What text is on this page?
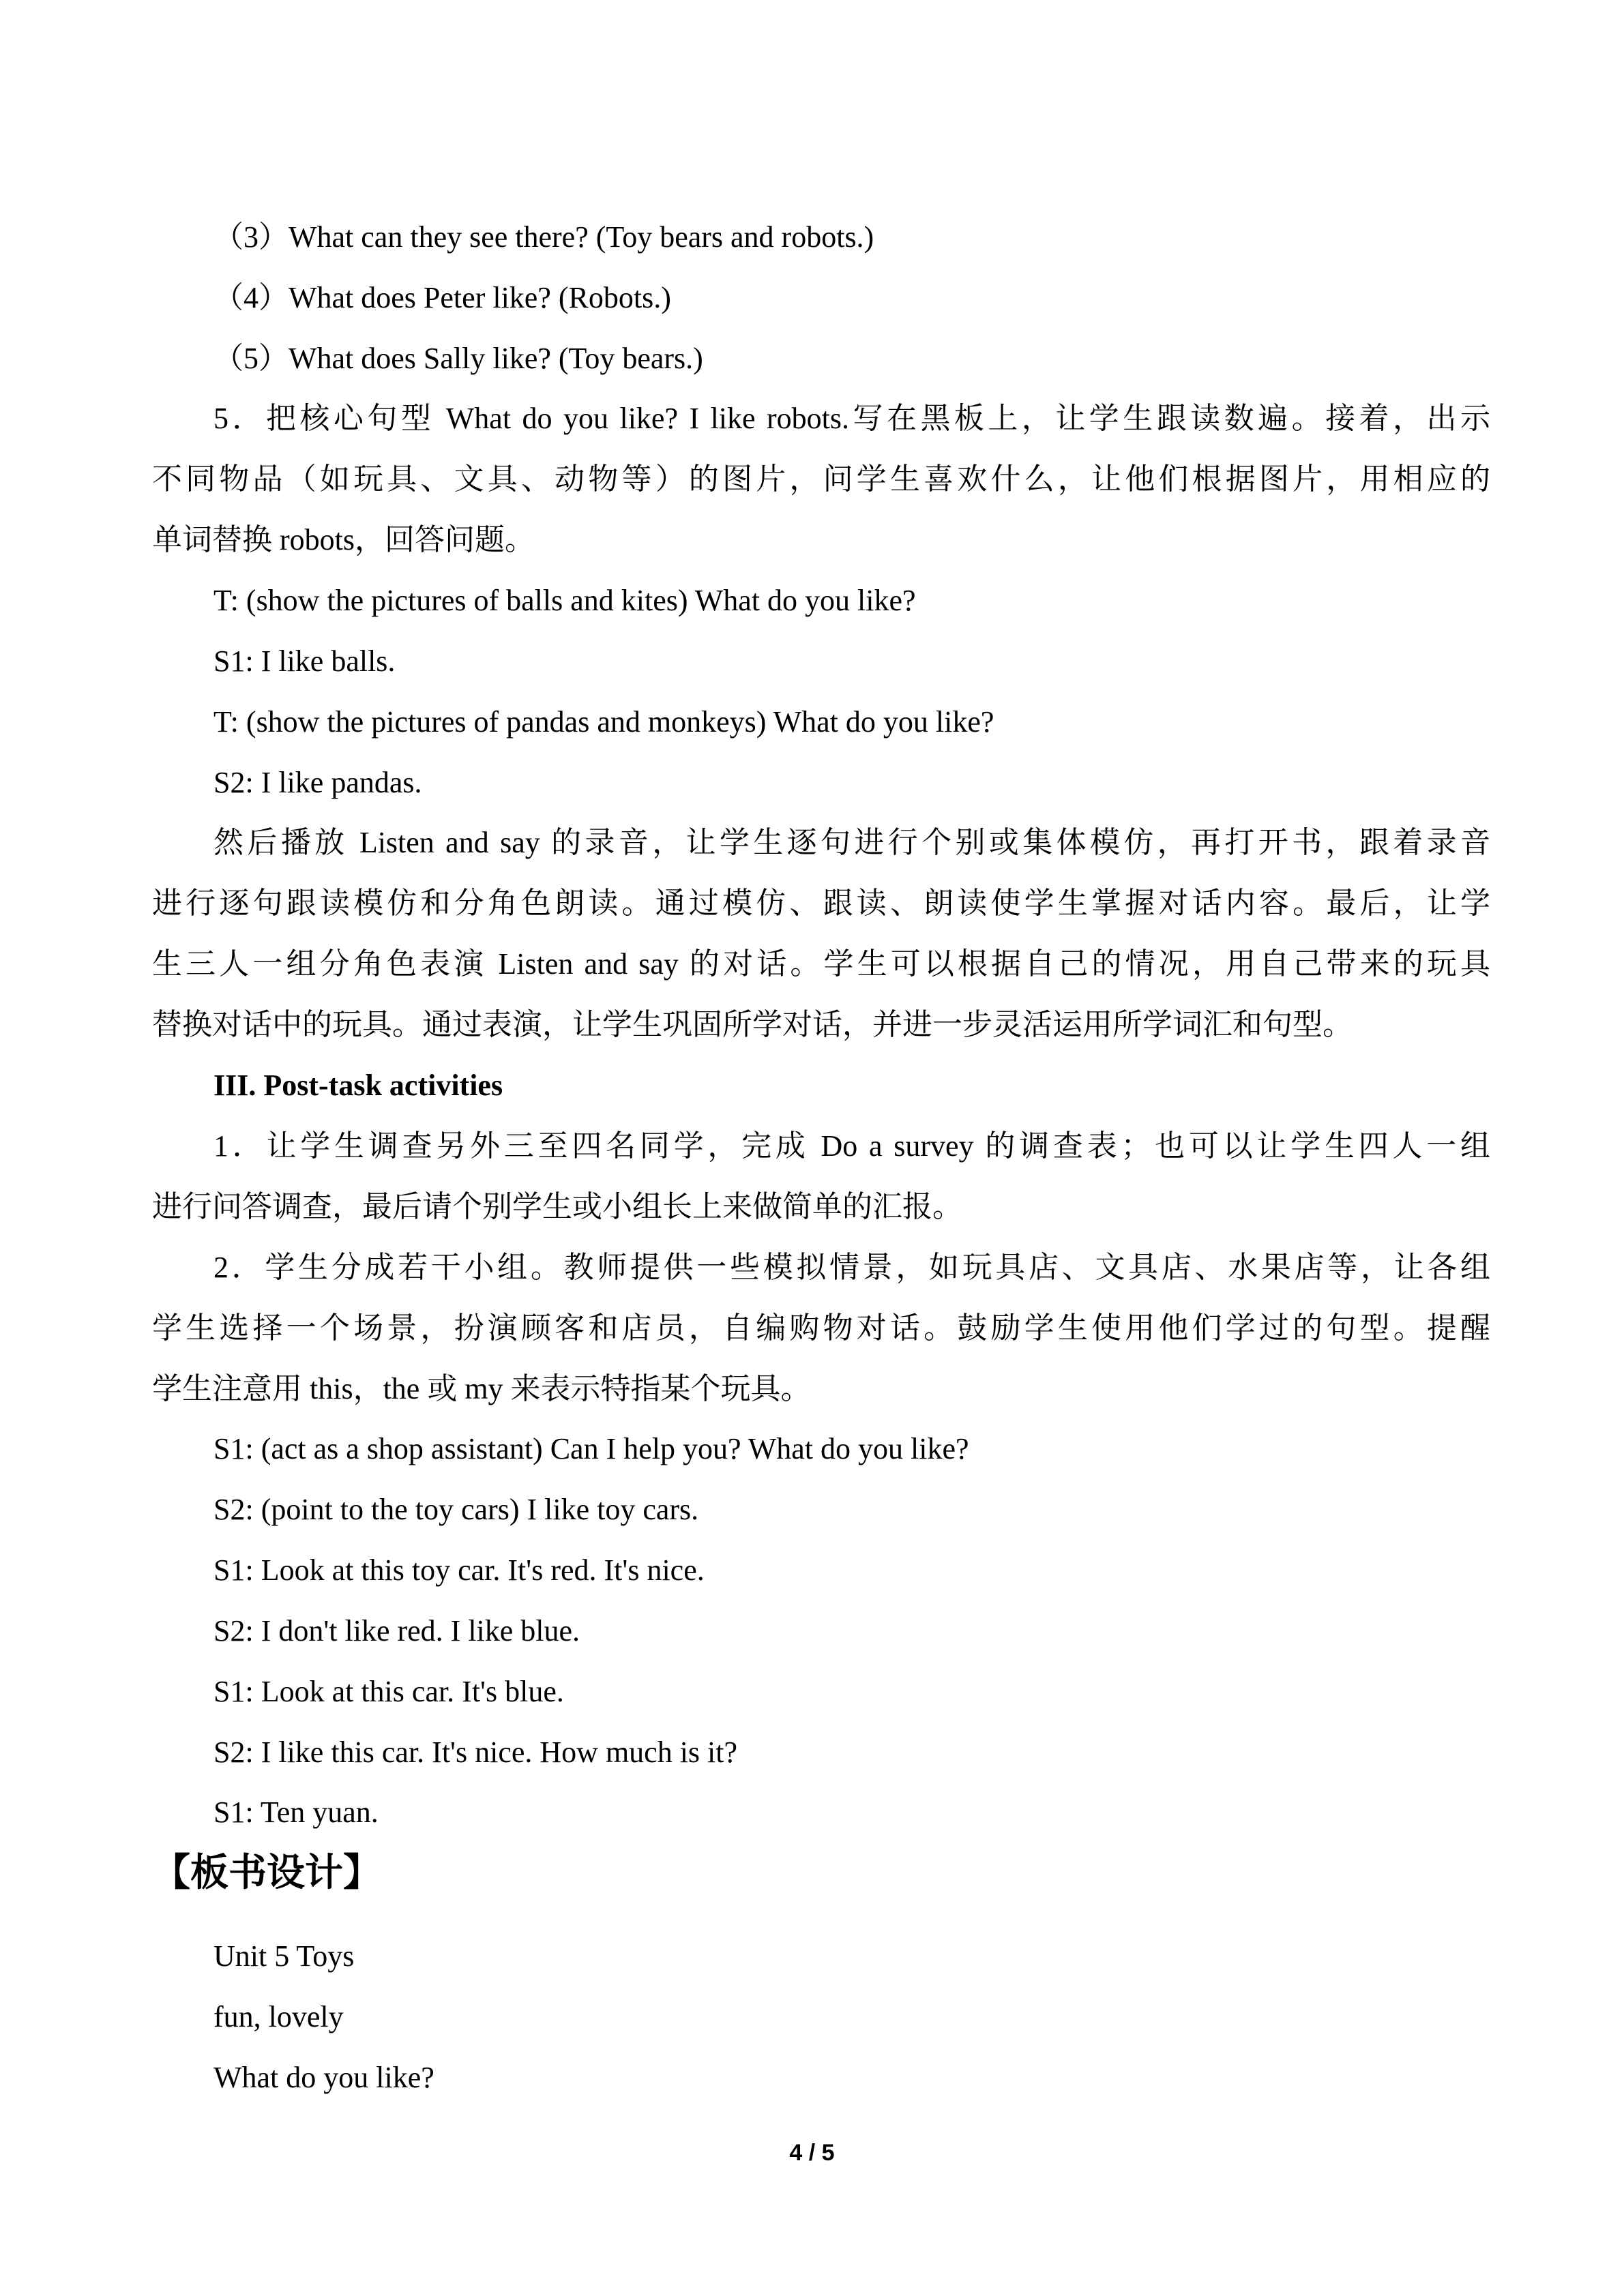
（3）What can they see there? (Toy bears and robots.)
（4）What does Peter like? (Robots.)
（5）What does Sally like? (Toy bears.)
5．把核心句型 What do you like? I like robots.写在黑板上，让学生跟读数遍。接着，出示
不同物品（如玩具、文具、动物等）的图片，问学生喜欢什么，让他们根据图片，用相应的
单词替换 robots，回答问题。
T: (show the pictures of balls and kites) What do you like?
S1: I like balls.
T: (show the pictures of pandas and monkeys) What do you like?
S2: I like pandas.
然后播放 Listen and say 的录音，让学生逐句进行个别或集体模仿，再打开书，跟着录音
进行逐句跟读模仿和分角色朗读。通过模仿、跟读、朗读使学生掌握对话内容。最后，让学
生三人一组分角色表演 Listen and say 的对话。学生可以根据自己的情况，用自己带来的玩具
替换对话中的玩具。通过表演，让学生巩固所学对话，并进一步灵活运用所学词汇和句型。
III. Post-task activities
1．让学生调查另外三至四名同学，完成 Do a survey 的调查表；也可以让学生四人一组
进行问答调查，最后请个别学生或小组长上来做简单的汇报。
2．学生分成若干小组。教师提供一些模拟情景，如玩具店、文具店、水果店等，让各组
学生选择一个场景，扮演顾客和店员，自编购物对话。鼓励学生使用他们学过的句型。提醒
学生注意用 this，the 或 my 来表示特指某个玩具。
S1: (act as a shop assistant) Can I help you? What do you like?
S2: (point to the toy cars) I like toy cars.
S1: Look at this toy car. It's red. It's nice.
S2: I don't like red. I like blue.
S1: Look at this car. It's blue.
S2: I like this car. It's nice. How much is it?
S1: Ten yuan.
【板书设计】
Unit 5 Toys
fun, lovely
What do you like?
4 / 5
